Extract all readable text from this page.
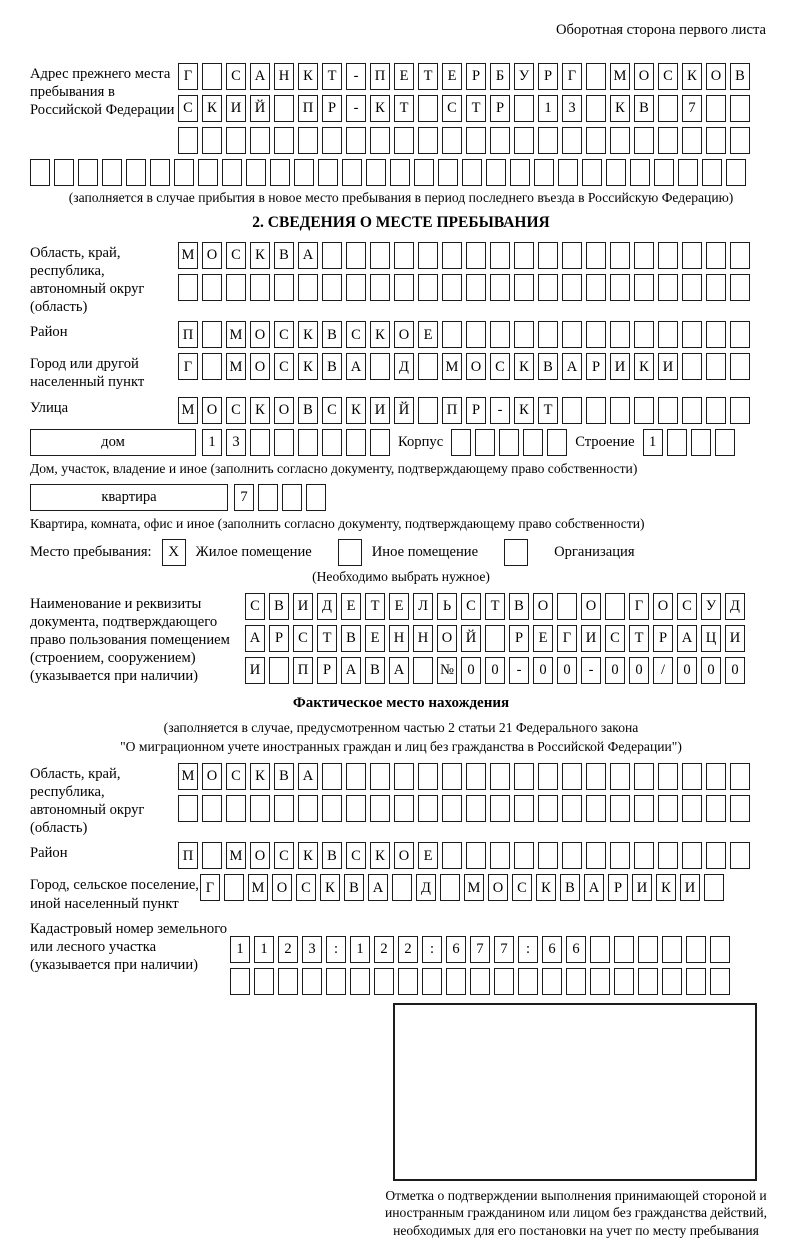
Оборотная сторона первого листа
Адрес прежнего места пребывания в Российской Федерации
Г	С А Н К	Т	-	П Е	Т	Е	Р	Б	У	Р	Г	М О С К О В
С К И Й	П	Р	-	К	Т	С	Т	Р	1	3	К В	7
(заполняется в случае прибытия в новое место пребывания в период последнего въезда в Российскую Федерацию)
2. СВЕДЕНИЯ О МЕСТЕ ПРЕБЫВАНИЯ
Область, край, республика, автономный округ (область)
М О С К В А
Район	П	М О С К В С К О Е
Город или другой населенный пункт
Г	М О С К В А	Д	М О С К В А	Р	И К И
Улица	М О С К О В С К И Й	П	Р	-	К	Т
дом	1	3	Корпус	Строение 1
Дом, участок, владение и иное (заполнить согласно документу, подтверждающему право собственности)
квартира	7
Квартира, комната, офис и иное (заполнить согласно документу, подтверждающему право собственности)
Место пребывания:	X	Жилое помещение	Иное помещение	Организация
(Необходимо выбрать нужное)
Наименование и реквизиты документа, подтверждающего право пользования помещением (строением, сооружением) (указывается при наличии)
С В И Д	Е	Т	Е	Л	Ь	С	Т	В О	О	Г	О С У Д
А	Р	С	Т	В	Е Н Н О Й	Р	Е	Г	И С	Т	Р	А Ц И
И	П	Р	А В А	№ 0	0	-	0	0	-	0	0	/	0	0	0
Фактическое место нахождения
(заполняется в случае, предусмотренном частью 2 статьи 21 Федерального закона
"О миграционном учете иностранных граждан и лиц без гражданства в Российской Федерации")
Область, край, республика, автономный округ (область)
М О С К В А
Район	П	М О С К В С К О Е
Город, сельское поселение, иной населенный пункт
Г	М О С К В А	Д	М О С К В А	Р	И К И
Кадастровый номер земельного или лесного участка (указывается при наличии)
1	1	2	3	:	1	2	2	:	6	7	7	:	6	6
Отметка о подтверждении выполнения принимающей стороной и иностранным гражданином или лицом без гражданства действий, необходимых для его постановки на учет по месту пребывания
